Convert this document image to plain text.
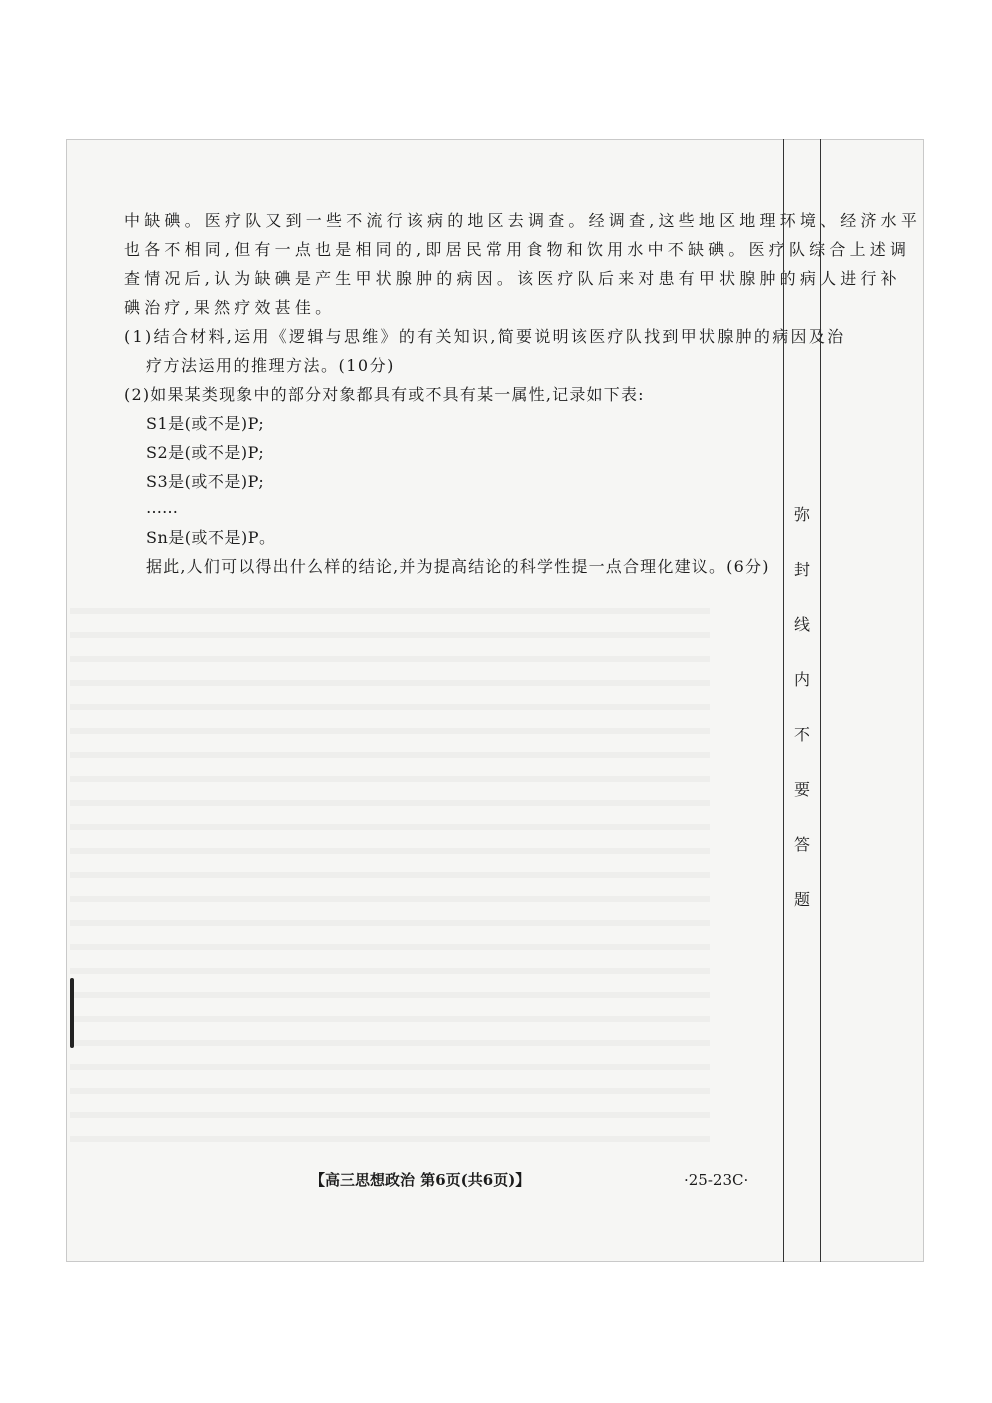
中缺碘。医疗队又到一些不流行该病的地区去调查。经调查,这些地区地理环境、经济水平
也各不相同,但有一点也是相同的,即居民常用食物和饮用水中不缺碘。医疗队综合上述调
查情况后,认为缺碘是产生甲状腺肿的病因。该医疗队后来对患有甲状腺肿的病人进行补
碘治疗,果然疗效甚佳。
(1)结合材料,运用《逻辑与思维》的有关知识,简要说明该医疗队找到甲状腺肿的病因及治
疗方法运用的推理方法。(10分)
(2)如果某类现象中的部分对象都具有或不具有某一属性,记录如下表:
S1是(或不是)P;
S2是(或不是)P;
S3是(或不是)P;
……
Sn是(或不是)P。
据此,人们可以得出什么样的结论,并为提高结论的科学性提一点合理化建议。(6分)
弥
封
线
内
不
要
答
题
【高三思想政治 第6页(共6页)】	·25-23C·
